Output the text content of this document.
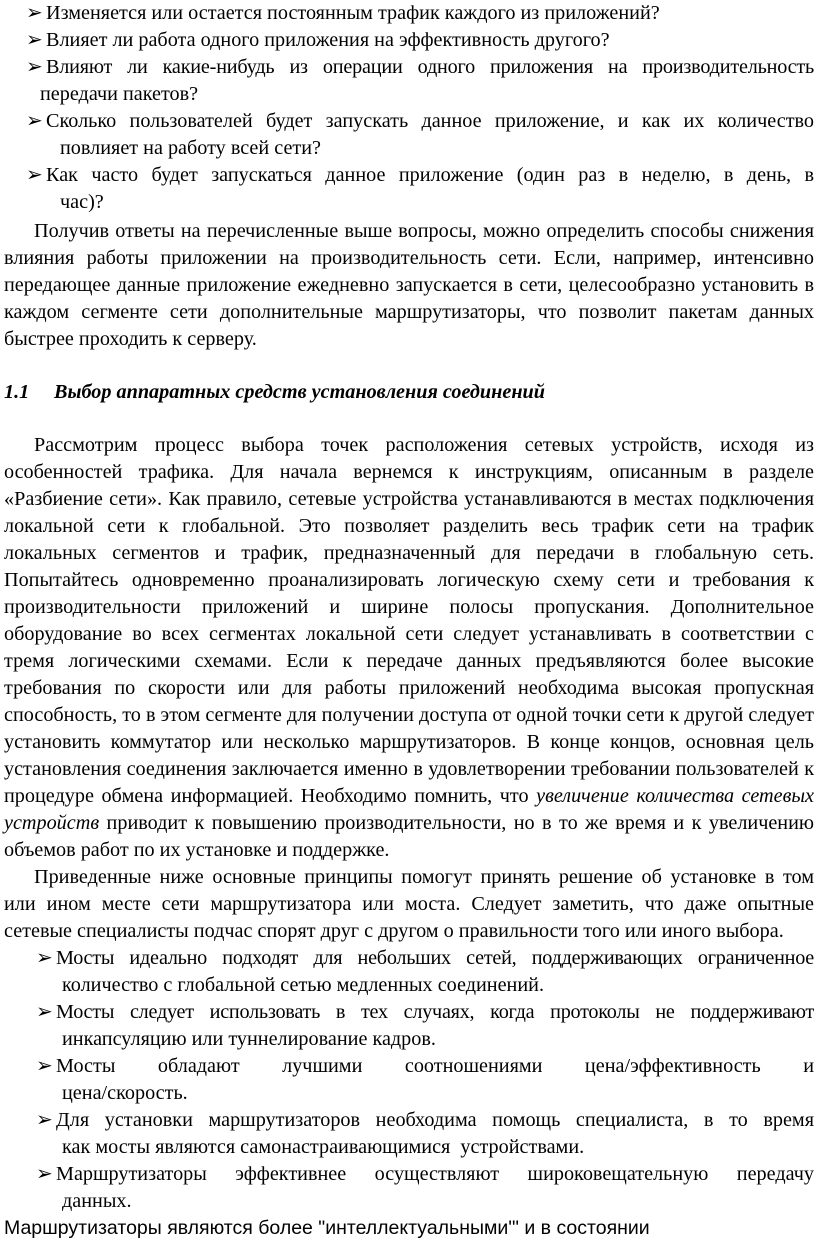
➢ Изменяется или остается постоянным трафик каждого из приложений?
➢ Влияет ли работа одного приложения на эффективность другого?
➢ Влияют ли какие-нибудь из операции одного приложения на производительность
передачи пакетов?
➢ Сколько пользователей будет запускать данное приложение, и как их количество
повлияет на работу всей сети?
➢ Как часто будет запускаться данное приложение (один раз в неделю, в день, в
час)?

Получив ответы на перечисленные выше вопросы, можно определить способы снижения влияния работы приложении на производительность сети. Если, например, интенсивно передающее данные приложение ежедневно запускается в сети, целесообразно установить в каждом сегменте сети дополнительные маршрутизаторы, что позволит пакетам данных быстрее проходить к серверу.

1.1 Выбор аппаратных средств установления соединений

Рассмотрим процесс выбора точек расположения сетевых устройств, исходя из особенностей трафика. Для начала вернемся к инструкциям, описанным в разделе «Разбиение сети». Как правило, сетевые устройства устанавливаются в местах подключения локальной сети к глобальной. Это позволяет разделить весь трафик сети на трафик локальных сегментов и трафик, предназначенный для передачи в глобальную сеть. Попытайтесь одновременно проанализировать логическую схему сети и требования к производительности приложений и ширине полосы пропускания. Дополнительное оборудование во всех сегментах локальной сети следует устанавливать в соответствии с тремя логическими схемами. Если к передаче данных предъявляются более высокие требования по скорости или для работы приложений необходима высокая пропускная способность, то в этом сегменте для получении доступа от одной точки сети к другой следует установить коммутатор или несколько маршрутизаторов. В конце концов, основная цель установления соединения заключается именно в удовлетворении требовании пользователей к процедуре обмена информацией. Необходимо помнить, что увеличение количества сетевых устройств приводит к повышению производительности, но в то же время и к увеличению объемов работ по их установке и поддержке.

Приведенные ниже основные принципы помогут принять решение об установке в том или ином месте сети маршрутизатора или моста. Следует заметить, что даже опытные сетевые специалисты подчас спорят друг с другом о правильности того или иного выбора.

➢ Мосты идеально подходят для небольших сетей, поддерживающих ограниченное
количество с глобальной сетью медленных соединений.
➢ Мосты следует использовать в тех случаях, когда протоколы не поддерживают
инкапсуляцию или туннелирование кадров.
➢ Мосты обладают лучшими соотношениями цена/эффективность и
цена/скорость.
➢ Для установки маршрутизаторов необходима помощь специалиста, в то время
как мосты являются самонастраивающимися  устройствами.
➢ Маршрутизаторы эффективнее осуществляют широковещательную передачу
данных.

Маршрутизаторы являются более "интеллектуальными'" и в состоянии
